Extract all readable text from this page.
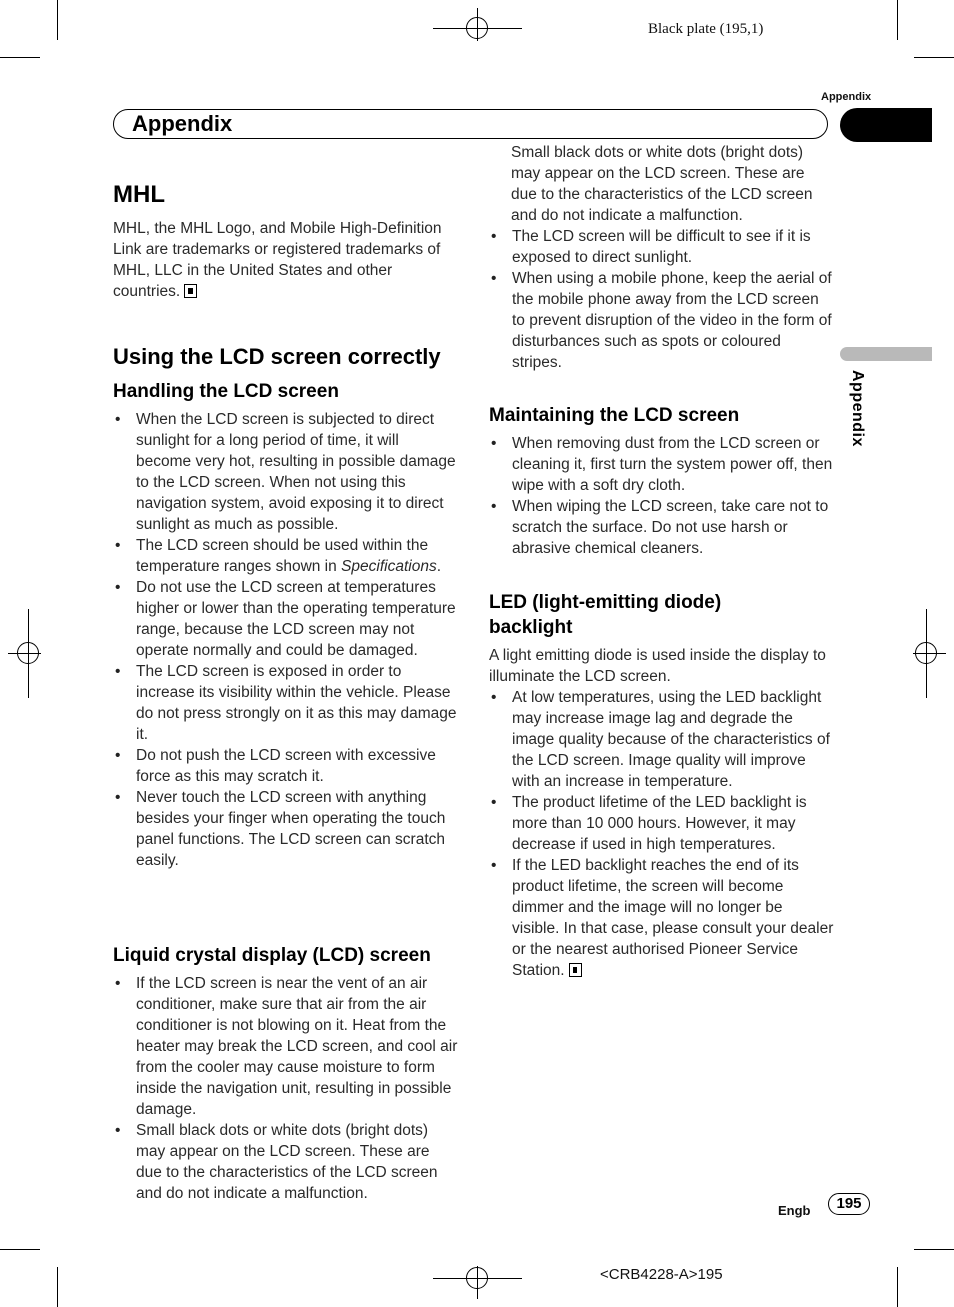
Black plate (195,1)
<CRB4228-A>195
Appendix
Appendix
Appendix
MHL

MHL, the MHL Logo, and Mobile High-Definition Link are trademarks or registered trademarks of MHL, LLC in the United States and other countries.

Using the LCD screen correctly
Handling the LCD screen
• When the LCD screen is subjected to direct sunlight for a long period of time, it will become very hot, resulting in possible damage to the LCD screen. When not using this navigation system, avoid exposing it to direct sunlight as much as possible.
• The LCD screen should be used within the temperature ranges shown in Specifications.
• Do not use the LCD screen at temperatures higher or lower than the operating temperature range, because the LCD screen may not operate normally and could be damaged.
• The LCD screen is exposed in order to increase its visibility within the vehicle. Please do not press strongly on it as this may damage it.
• Do not push the LCD screen with excessive force as this may scratch it.
• Never touch the LCD screen with anything besides your finger when operating the touch panel functions. The LCD screen can scratch easily.
Liquid crystal display (LCD) screen
• If the LCD screen is near the vent of an air conditioner, make sure that air from the air conditioner is not blowing on it. Heat from the heater may break the LCD screen, and cool air from the cooler may cause moisture to form inside the navigation unit, resulting in possible damage.
• Small black dots or white dots (bright dots) may appear on the LCD screen. These are due to the characteristics of the LCD screen and do not indicate a malfunction.
Small black dots or white dots (bright dots) may appear on the LCD screen. These are due to the characteristics of the LCD screen and do not indicate a malfunction.
• The LCD screen will be difficult to see if it is exposed to direct sunlight.
• When using a mobile phone, keep the aerial of the mobile phone away from the LCD screen to prevent disruption of the video in the form of disturbances such as spots or coloured stripes.
Maintaining the LCD screen
• When removing dust from the LCD screen or cleaning it, first turn the system power off, then wipe with a soft dry cloth.
• When wiping the LCD screen, take care not to scratch the surface. Do not use harsh or abrasive chemical cleaners.
LED (light-emitting diode) backlight

A light emitting diode is used inside the display to illuminate the LCD screen.

• At low temperatures, using the LED backlight may increase image lag and degrade the image quality because of the characteristics of the LCD screen. Image quality will improve with an increase in temperature.
• The product lifetime of the LED backlight is more than 10 000 hours. However, it may decrease if used in high temperatures.
• If the LED backlight reaches the end of its product lifetime, the screen will become dimmer and the image will no longer be visible. In that case, please consult your dealer or the nearest authorised Pioneer Service Station.
Engb	195
